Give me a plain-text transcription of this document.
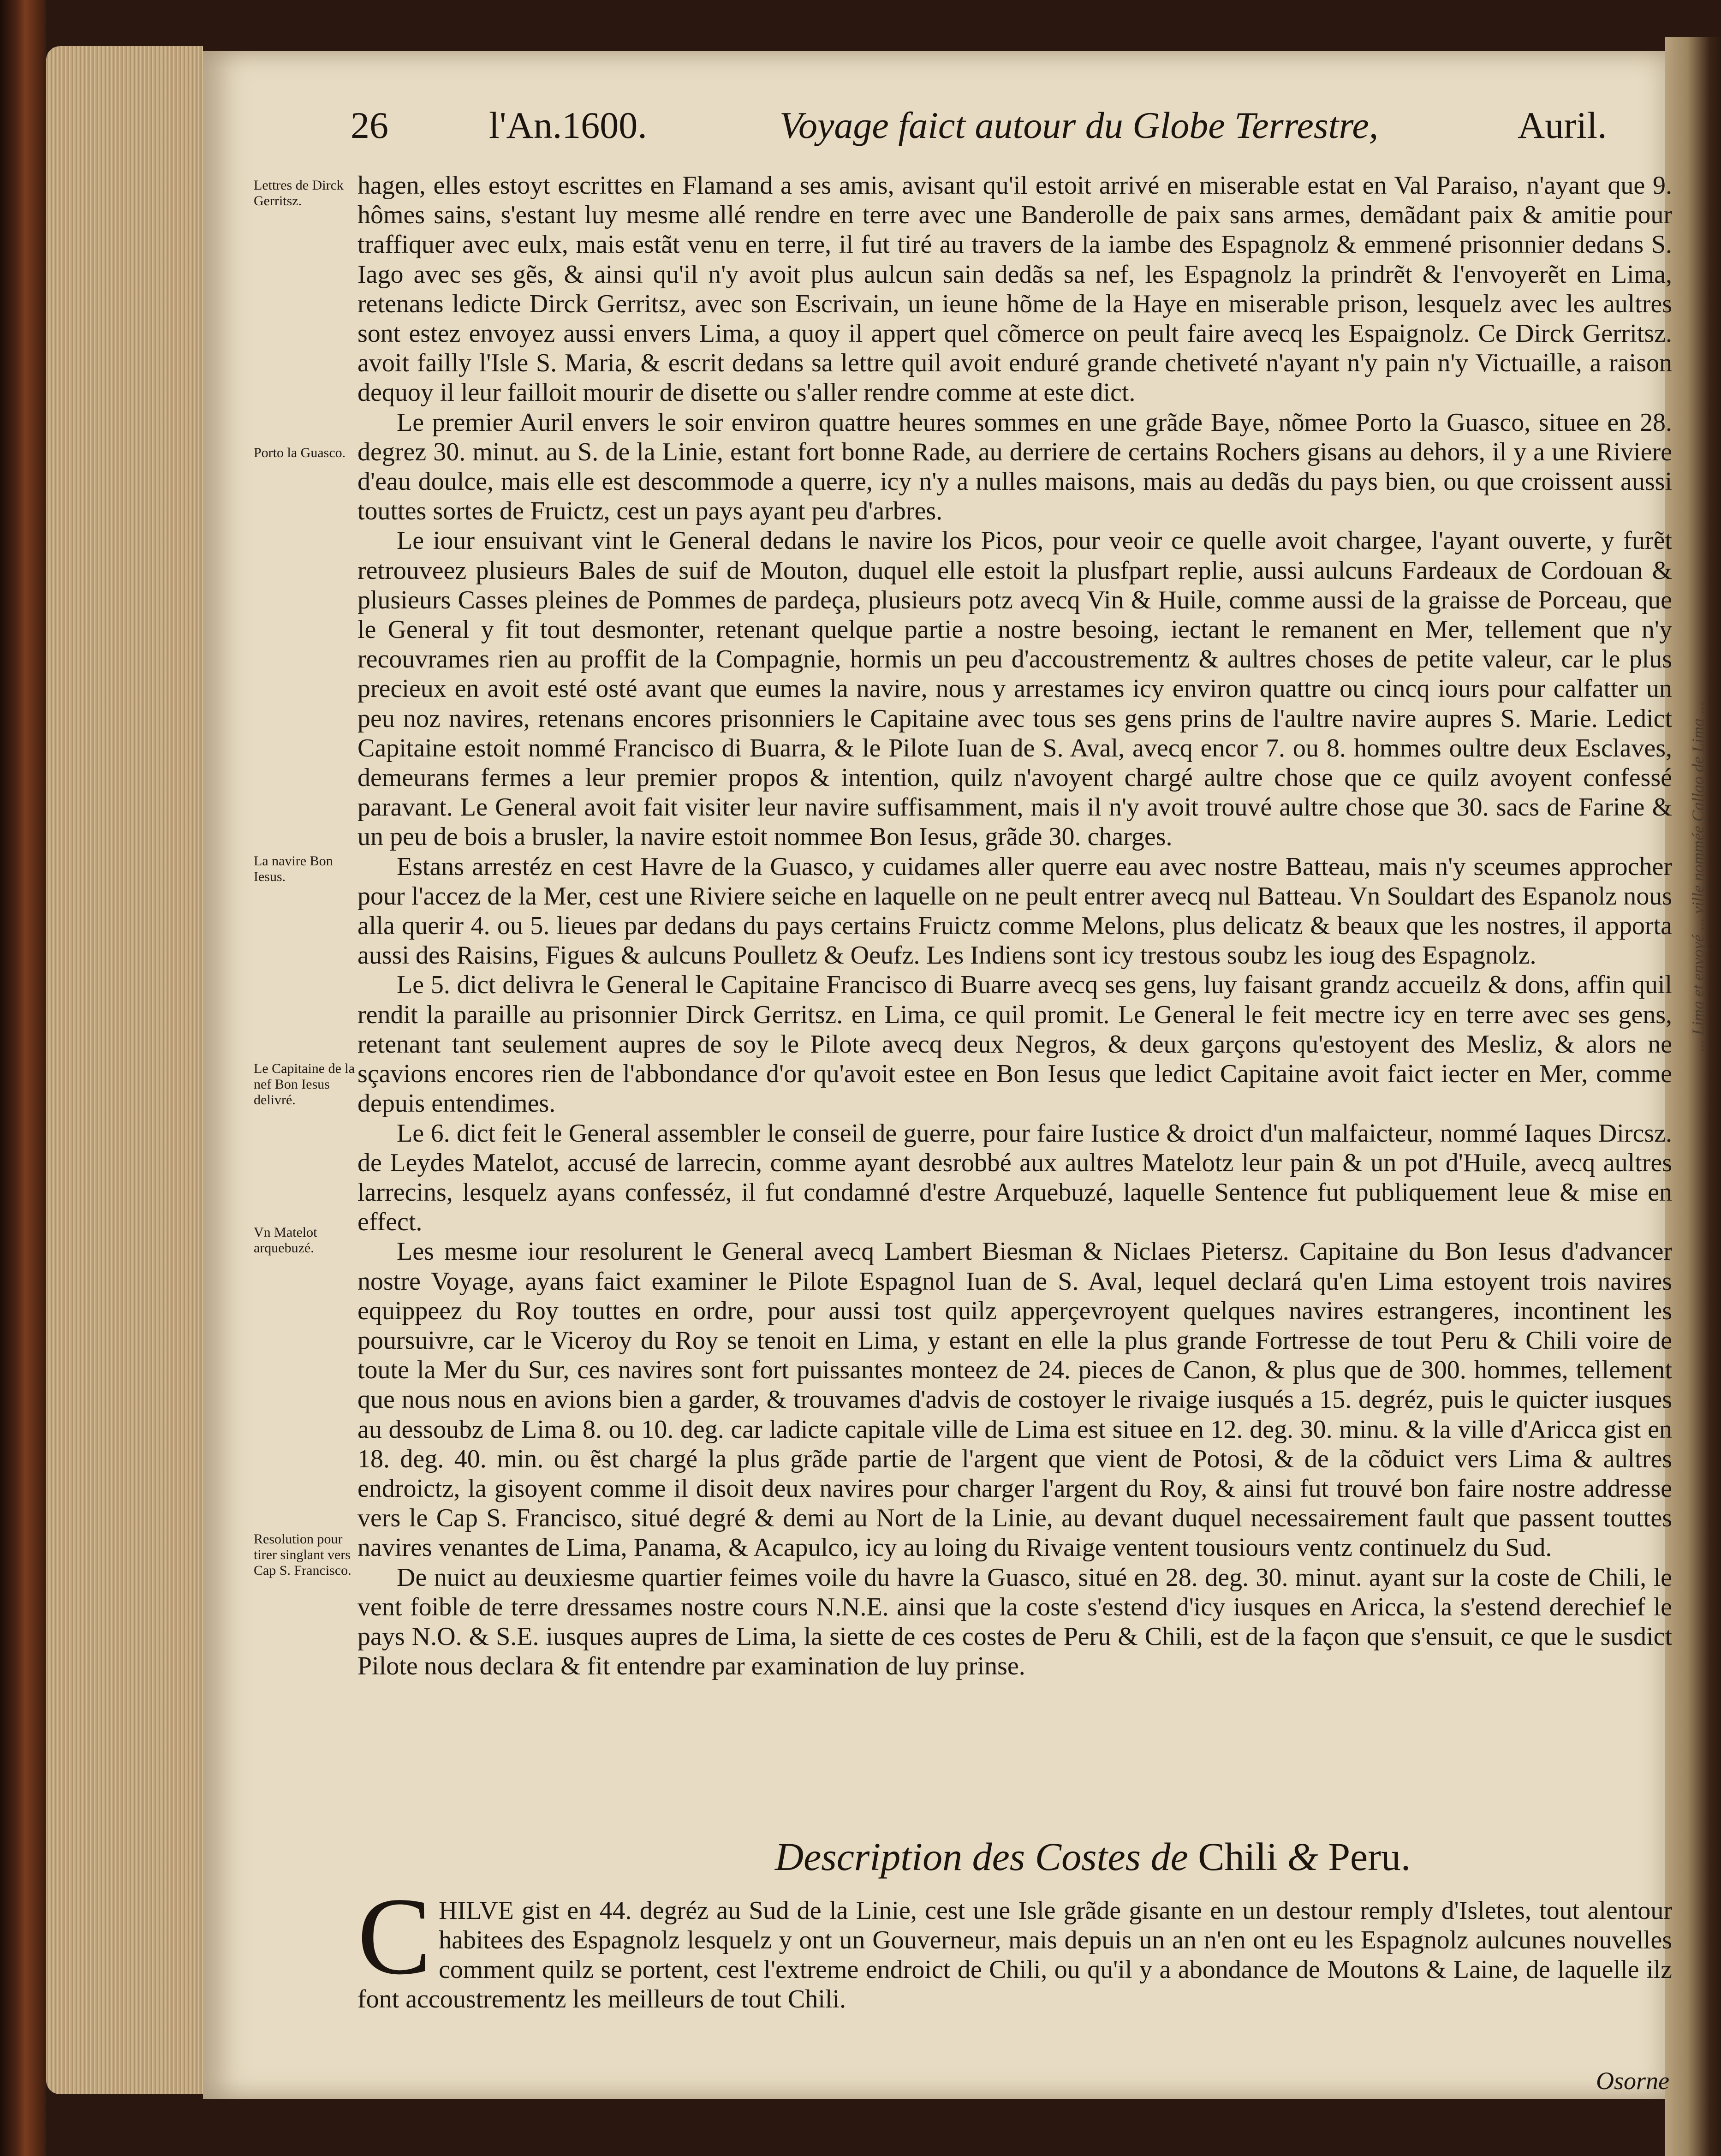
... Lima et envoyé ... ville nommée Callao de Lima ...
26	l'An.1600.	Voyage faict autour du Globe Terrestre,	Auril.
Lettres de Dirck Gerritsz.
Porto la Guasco.
La navire Bon Iesus.
Le Capitaine de la nef Bon Iesus delivré.
Vn Matelot arquebuzé.
Resolution pour tirer singlant vers Cap S. Francisco.

hagen, elles estoyt escrittes en Flamand a ses amis, avisant qu'il estoit arrivé en miserable estat en Val Paraiso, n'ayant que 9. hômes sains, s'estant luy mesme allé rendre en terre avec une Banderolle de paix sans armes, demãdant paix & amitie pour traffiquer avec eulx, mais estãt venu en terre, il fut tiré au travers de la iambe des Espagnolz & emmené prisonnier dedans S. Iago avec ses gẽs, & ainsi qu'il n'y avoit plus aulcun sain dedãs sa nef, les Espagnolz la prindrẽt & l'envoyerẽt en Lima, retenans ledicte Dirck Gerritsz, avec son Escrivain, un ieune hõme de la Haye en miserable prison, lesquelz avec les aultres sont estez envoyez aussi envers Lima, a quoy il appert quel cõmerce on peult faire avecq les Espaignolz. Ce Dirck Gerritsz. avoit failly l'Isle S. Maria, & escrit dedans sa lettre quil avoit enduré grande chetiveté n'ayant n'y pain n'y Victuaille, a raison dequoy il leur failloit mourir de disette ou s'aller rendre comme at este dict.

Le premier Auril envers le soir environ quattre heures sommes en une grãde Baye, nõmee Porto la Guasco, situee en 28. degrez 30. minut. au S. de la Linie, estant fort bonne Rade, au derriere de certains Rochers gisans au dehors, il y a une Riviere d'eau doulce, mais elle est descommode a querre, icy n'y a nulles maisons, mais au dedãs du pays bien, ou que croissent aussi touttes sortes de Fruictz, cest un pays ayant peu d'arbres.

Le iour ensuivant vint le General dedans le navire los Picos, pour veoir ce quelle avoit chargee, l'ayant ouverte, y furẽt retrouveez plusieurs Bales de suif de Mouton, duquel elle estoit la plusfpart replie, aussi aulcuns Fardeaux de Cordouan & plusieurs Casses pleines de Pommes de pardeça, plusieurs potz avecq Vin & Huile, comme aussi de la graisse de Porceau, que le General y fit tout desmonter, retenant quelque partie a nostre besoing, iectant le remanent en Mer, tellement que n'y recouvrames rien au proffit de la Compagnie, hormis un peu d'accoustrementz & aultres choses de petite valeur, car le plus precieux en avoit esté osté avant que eumes la navire, nous y arrestames icy environ quattre ou cincq iours pour calfatter un peu noz navires, retenans encores prisonniers le Capitaine avec tous ses gens prins de l'aultre navire aupres S. Marie. Ledict Capitaine estoit nommé Francisco di Buarra, & le Pilote Iuan de S. Aval, avecq encor 7. ou 8. hommes oultre deux Esclaves, demeurans fermes a leur premier propos & intention, quilz n'avoyent chargé aultre chose que ce quilz avoyent confessé paravant. Le General avoit fait visiter leur navire suffisamment, mais il n'y avoit trouvé aultre chose que 30. sacs de Farine & un peu de bois a brusler, la navire estoit nommee Bon Iesus, grãde 30. charges.

Estans arrestéz en cest Havre de la Guasco, y cuidames aller querre eau avec nostre Batteau, mais n'y sceumes approcher pour l'accez de la Mer, cest une Riviere seiche en laquelle on ne peult entrer avecq nul Batteau. Vn Souldart des Espanolz nous alla querir 4. ou 5. lieues par dedans du pays certains Fruictz comme Melons, plus delicatz & beaux que les nostres, il apporta aussi des Raisins, Figues & aulcuns Poulletz & Oeufz. Les Indiens sont icy trestous soubz les ioug des Espagnolz.

Le 5. dict delivra le General le Capitaine Francisco di Buarre avecq ses gens, luy faisant grandz accueilz & dons, affin quil rendit la paraille au prisonnier Dirck Gerritsz. en Lima, ce quil promit. Le General le feit mectre icy en terre avec ses gens, retenant tant seulement aupres de soy le Pilote avecq deux Negros, & deux garçons qu'estoyent des Mesliz, & alors ne sçavions encores rien de l'abbondance d'or qu'avoit estee en Bon Iesus que ledict Capitaine avoit faict iecter en Mer, comme depuis entendimes.

Le 6. dict feit le General assembler le conseil de guerre, pour faire Iustice & droict d'un malfaicteur, nommé Iaques Dircsz. de Leydes Matelot, accusé de larrecin, comme ayant desrobbé aux aultres Matelotz leur pain & un pot d'Huile, avecq aultres larrecins, lesquelz ayans confesséz, il fut condamné d'estre Arquebuzé, laquelle Sentence fut publiquement leue & mise en effect.

Les mesme iour resolurent le General avecq Lambert Biesman & Niclaes Pietersz. Capitaine du Bon Iesus d'advancer nostre Voyage, ayans faict examiner le Pilote Espagnol Iuan de S. Aval, lequel declará qu'en Lima estoyent trois navires equippeez du Roy touttes en ordre, pour aussi tost quilz apperçevroyent quelques navires estrangeres, incontinent les poursuivre, car le Viceroy du Roy se tenoit en Lima, y estant en elle la plus grande Fortresse de tout Peru & Chili voire de toute la Mer du Sur, ces navires sont fort puissantes monteez de 24. pieces de Canon, & plus que de 300. hommes, tellement que nous nous en avions bien a garder, & trouvames d'advis de costoyer le rivaige iusqués a 15. degréz, puis le quicter iusques au dessoubz de Lima 8. ou 10. deg. car ladicte capitale ville de Lima est situee en 12. deg. 30. minu. & la ville d'Aricca gist en 18. deg. 40. min. ou ẽst chargé la plus grãde partie de l'argent que vient de Potosi, & de la cõduict vers Lima & aultres endroictz, la gisoyent comme il disoit deux navires pour charger l'argent du Roy, & ainsi fut trouvé bon faire nostre addresse vers le Cap S. Francisco, situé degré & demi au Nort de la Linie, au devant duquel necessairement fault que passent touttes navires venantes de Lima, Panama, & Acapulco, icy au loing du Rivaige ventent tousiours ventz continuelz du Sud.

De nuict au deuxiesme quartier feimes voile du havre la Guasco, situé en 28. deg. 30. minut. ayant sur la coste de Chili, le vent foible de terre dressames nostre cours N.N.E. ainsi que la coste s'estend d'icy iusques en Aricca, la s'estend derechief le pays N.O. & S.E. iusques aupres de Lima, la siette de ces costes de Peru & Chili, est de la façon que s'ensuit, ce que le susdict Pilote nous declara & fit entendre par examination de luy prinse.

Description des Costes de Chili & Peru.
C HILVE gist en 44. degréz au Sud de la Linie, cest une Isle grãde gisante en un destour remply d'Isletes, tout alentour habitees des Espagnolz lesquelz y ont un Gouverneur, mais depuis un an n'en ont eu les Espagnolz aulcunes nouvelles comment quilz se portent, cest l'extreme endroict de Chili, ou qu'il y a abondance de Moutons & Laine, de laquelle ilz font accoustrementz les meilleurs de tout Chili.
Osorne
